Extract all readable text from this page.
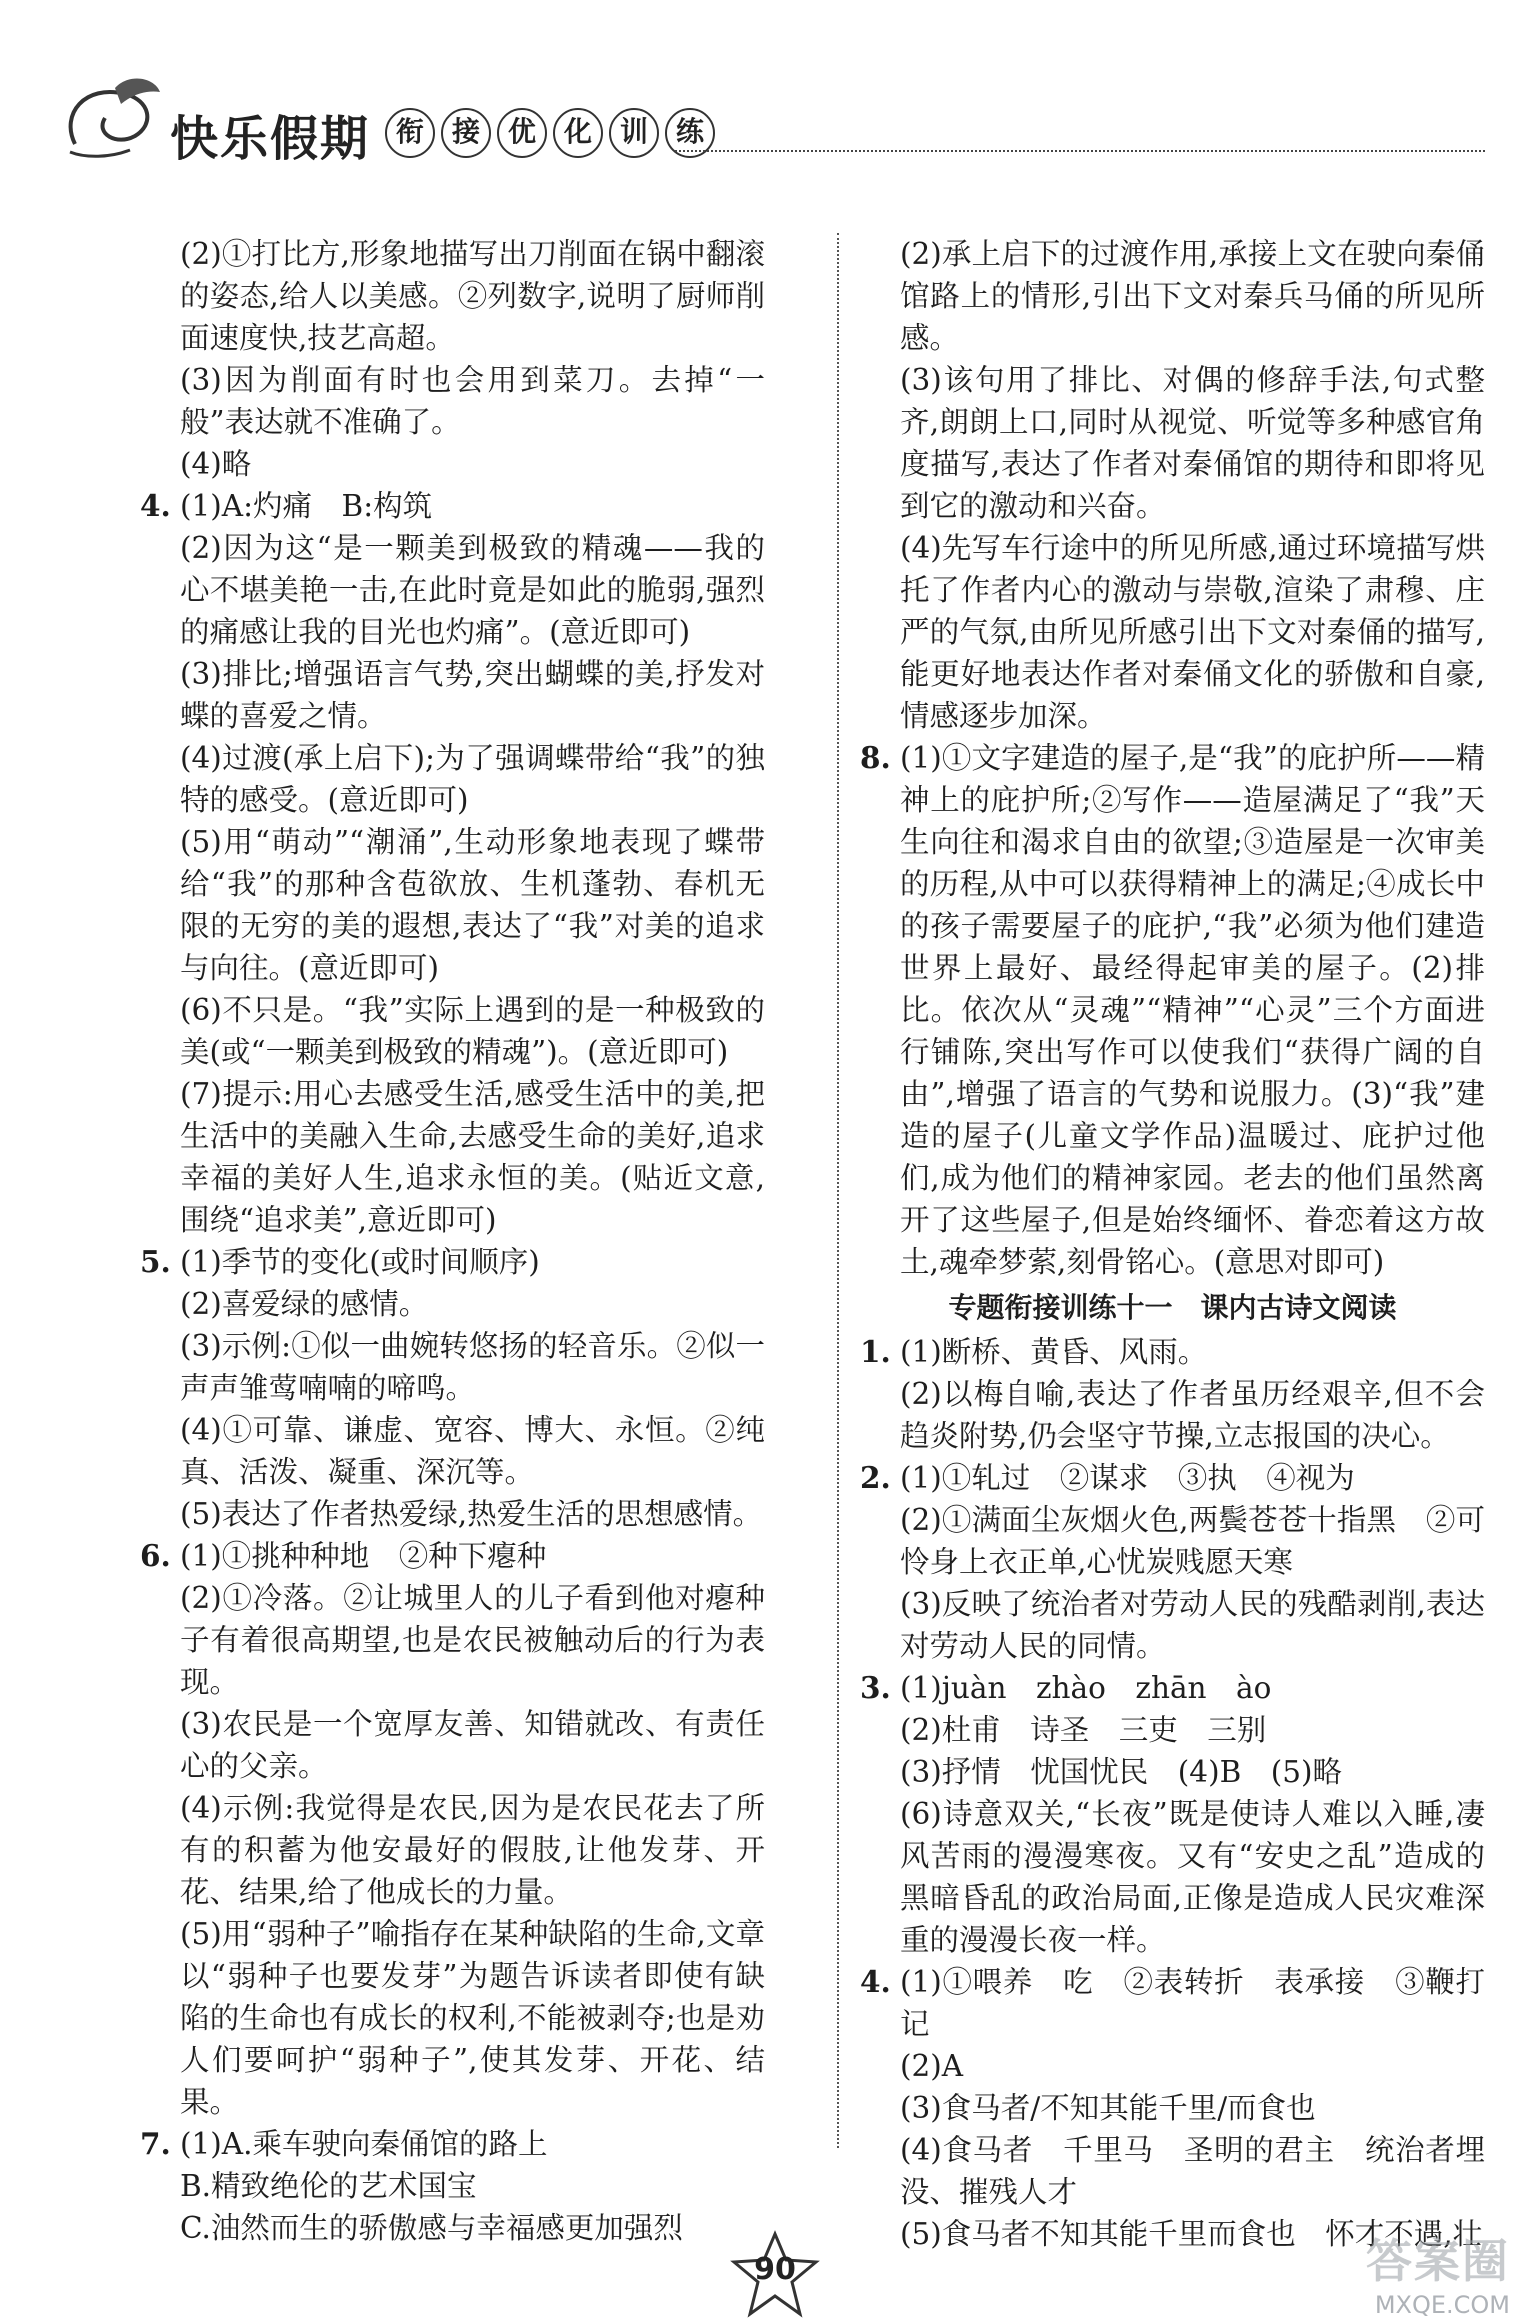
快乐假期 衔 接 优 化 训 练

(2)①打比方,形象地描写出刀削面在锅中翻滚的姿态,给人以美感。②列数字,说明了厨师削面速度快,技艺高超。

(3)因为削面有时也会用到菜刀。去掉“一般”表达就不准确了。

(4)略

4. (1)A:灼痛　B:构筑

(2)因为这“是一颗美到极致的精魂——我的心不堪美艳一击,在此时竟是如此的脆弱,强烈的痛感让我的目光也灼痛”。(意近即可)

(3)排比;增强语言气势,突出蝴蝶的美,抒发对蝶的喜爱之情。

(4)过渡(承上启下);为了强调蝶带给“我”的独特的感受。(意近即可)

(5)用“萌动”“潮涌”,生动形象地表现了蝶带给“我”的那种含苞欲放、生机蓬勃、春机无限的无穷的美的遐想,表达了“我”对美的追求与向往。(意近即可)

(6)不只是。“我”实际上遇到的是一种极致的美(或“一颗美到极致的精魂”)。(意近即可)

(7)提示:用心去感受生活,感受生活中的美,把生活中的美融入生命,去感受生命的美好,追求幸福的美好人生,追求永恒的美。(贴近文意,围绕“追求美”,意近即可)

5. (1)季节的变化(或时间顺序)

(2)喜爱绿的感情。

(3)示例:①似一曲婉转悠扬的轻音乐。②似一声声雏莺喃喃的啼鸣。

(4)①可靠、谦虚、宽容、博大、永恒。②纯真、活泼、凝重、深沉等。

(5)表达了作者热爱绿,热爱生活的思想感情。

6. (1)①挑种种地　②种下瘪种

(2)①冷落。②让城里人的儿子看到他对瘪种子有着很高期望,也是农民被触动后的行为表现。

(3)农民是一个宽厚友善、知错就改、有责任心的父亲。

(4)示例:我觉得是农民,因为是农民花去了所有的积蓄为他安最好的假肢,让他发芽、开花、结果,给了他成长的力量。

(5)用“弱种子”喻指存在某种缺陷的生命,文章以“弱种子也要发芽”为题告诉读者即使有缺陷的生命也有成长的权利,不能被剥夺;也是劝人们要呵护“弱种子”,使其发芽、开花、结果。

7. (1)A.乘车驶向秦俑馆的路上

B.精致绝伦的艺术国宝

C.油然而生的骄傲感与幸福感更加强烈

(2)承上启下的过渡作用,承接上文在驶向秦俑馆路上的情形,引出下文对秦兵马俑的所见所感。

(3)该句用了排比、对偶的修辞手法,句式整齐,朗朗上口,同时从视觉、听觉等多种感官角度描写,表达了作者对秦俑馆的期待和即将见到它的激动和兴奋。

(4)先写车行途中的所见所感,通过环境描写烘托了作者内心的激动与崇敬,渲染了肃穆、庄严的气氛,由所见所感引出下文对秦俑的描写,能更好地表达作者对秦俑文化的骄傲和自豪,情感逐步加深。

8. (1)①文字建造的屋子,是“我”的庇护所——精神上的庇护所;②写作——造屋满足了“我”天生向往和渴求自由的欲望;③造屋是一次审美的历程,从中可以获得精神上的满足;④成长中的孩子需要屋子的庇护,“我”必须为他们建造世界上最好、最经得起审美的屋子。(2)排比。依次从“灵魂”“精神”“心灵”三个方面进行铺陈,突出写作可以使我们“获得广阔的自由”,增强了语言的气势和说服力。(3)“我”建造的屋子(儿童文学作品)温暖过、庇护过他们,成为他们的精神家园。老去的他们虽然离开了这些屋子,但是始终缅怀、眷恋着这方故土,魂牵梦萦,刻骨铭心。(意思对即可)

专题衔接训练十一　课内古诗文阅读

1. (1)断桥、黄昏、风雨。

(2)以梅自喻,表达了作者虽历经艰辛,但不会趋炎附势,仍会坚守节操,立志报国的决心。

2. (1)①轧过　②谋求　③执　④视为

(2)①满面尘灰烟火色,两鬓苍苍十指黑　②可怜身上衣正单,心忧炭贱愿天寒

(3)反映了统治者对劳动人民的残酷剥削,表达对劳动人民的同情。

3. (1)juàn　zhào　zhān　ào

(2)杜甫　诗圣　三吏　三别

(3)抒情　忧国忧民　(4)B　(5)略

(6)诗意双关,“长夜”既是使诗人难以入睡,凄风苦雨的漫漫寒夜。又有“安史之乱”造成的黑暗昏乱的政治局面,正像是造成人民灾难深重的漫漫长夜一样。

4. (1)①喂养　吃　②表转折　表承接　③鞭打　记

(2)A

(3)食马者/不知其能千里/而食也

(4)食马者　千里马　圣明的君主　统治者埋没、摧残人才

(5)食马者不知其能千里而食也　怀才不遇,壮

90	答案圈
MXQE.COM
